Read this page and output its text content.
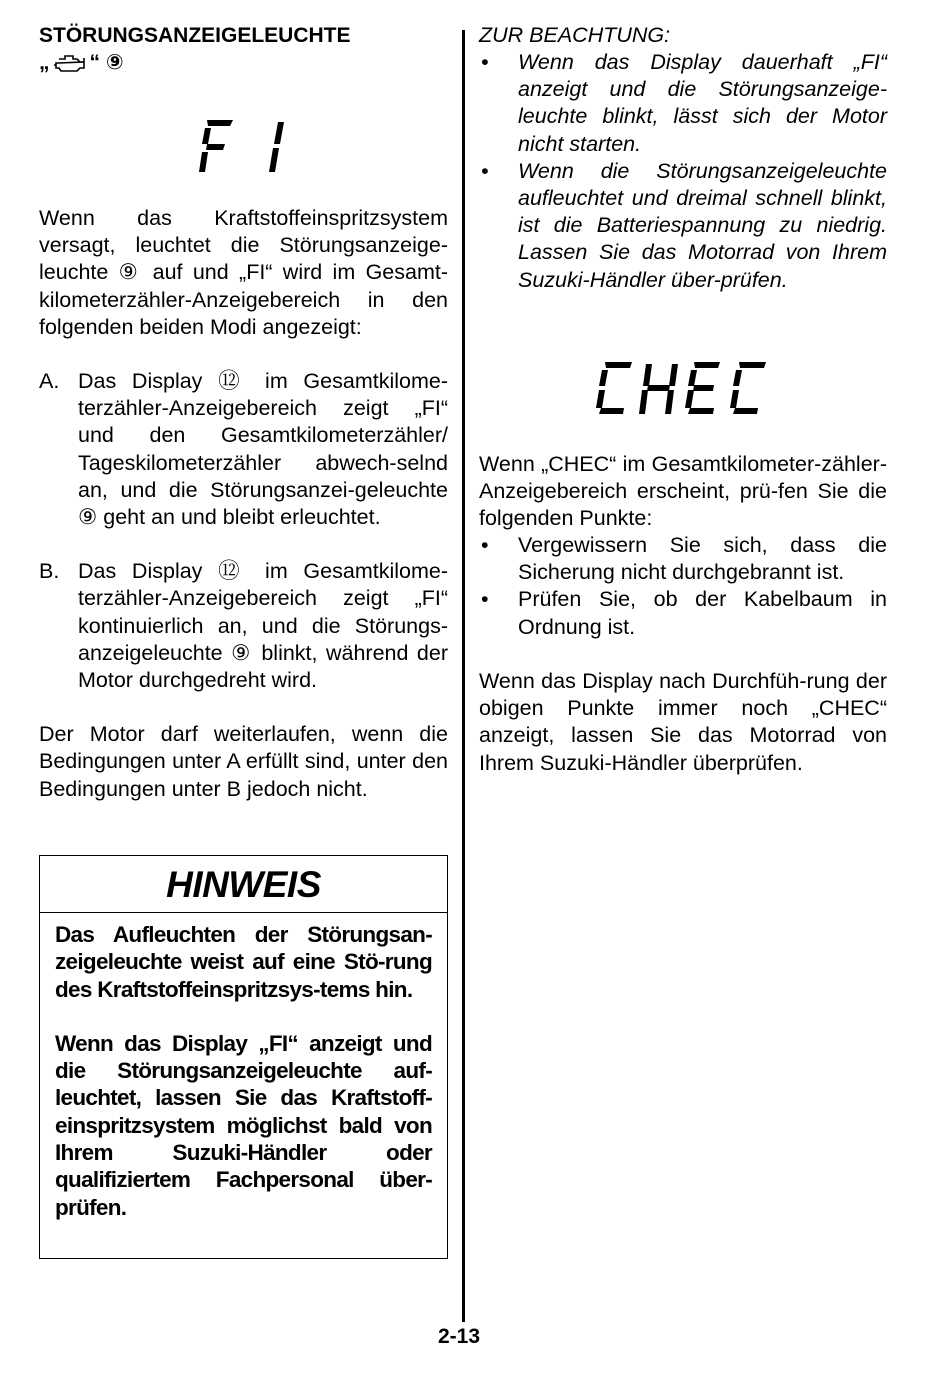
STÖRUNGSANZEIGELEUCHTE
„ “ ⑨

Wenn das Kraftstoffeinspritzsystem versagt, leuchtet die Störungsanzeige-leuchte ⑨ auf und „FI“ wird im Gesamt-kilometerzähler-Anzeigebereich in den folgenden beiden Modi angezeigt:

A. Das Display ⑫ im Gesamtkilome-terzähler-Anzeigebereich zeigt „FI“ und den Gesamtkilometerzähler/ Tageskilometerzähler abwech-selnd an, und die Störungsanzei-geleuchte ⑨ geht an und bleibt erleuchtet.
B. Das Display ⑫ im Gesamtkilome-terzähler-Anzeigebereich zeigt „FI“ kontinuierlich an, und die Störungs-anzeigeleuchte ⑨ blinkt, während der Motor durchgedreht wird.

Der Motor darf weiterlaufen, wenn die Bedingungen unter A erfüllt sind, unter den Bedingungen unter B jedoch nicht.

HINWEIS

Das Aufleuchten der Störungsan-zeigeleuchte weist auf eine Stö-rung des Kraftstoffeinspritzsys-tems hin.

Wenn das Display „FI“ anzeigt und die Störungsanzeigeleuchte auf-leuchtet, lassen Sie das Kraftstoff-einspritzsystem möglichst bald von Ihrem Suzuki-Händler oder qualifiziertem Fachpersonal über-prüfen.

ZUR BEACHTUNG:
• Wenn das Display dauerhaft „FI“ anzeigt und die Störungsanzeige-leuchte blinkt, lässt sich der Motor nicht starten.
• Wenn die Störungsanzeigeleuchte aufleuchtet und dreimal schnell blinkt, ist die Batteriespannung zu niedrig. Lassen Sie das Motorrad von Ihrem Suzuki-Händler über-prüfen.

Wenn „CHEC“ im Gesamtkilometer-zähler-Anzeigebereich erscheint, prü-fen Sie die folgenden Punkte:

• Vergewissern Sie sich, dass die Sicherung nicht durchgebrannt ist.
• Prüfen Sie, ob der Kabelbaum in Ordnung ist.

Wenn das Display nach Durchfüh-rung der obigen Punkte immer noch „CHEC“ anzeigt, lassen Sie das Motorrad von Ihrem Suzuki-Händler überprüfen.

2-13
